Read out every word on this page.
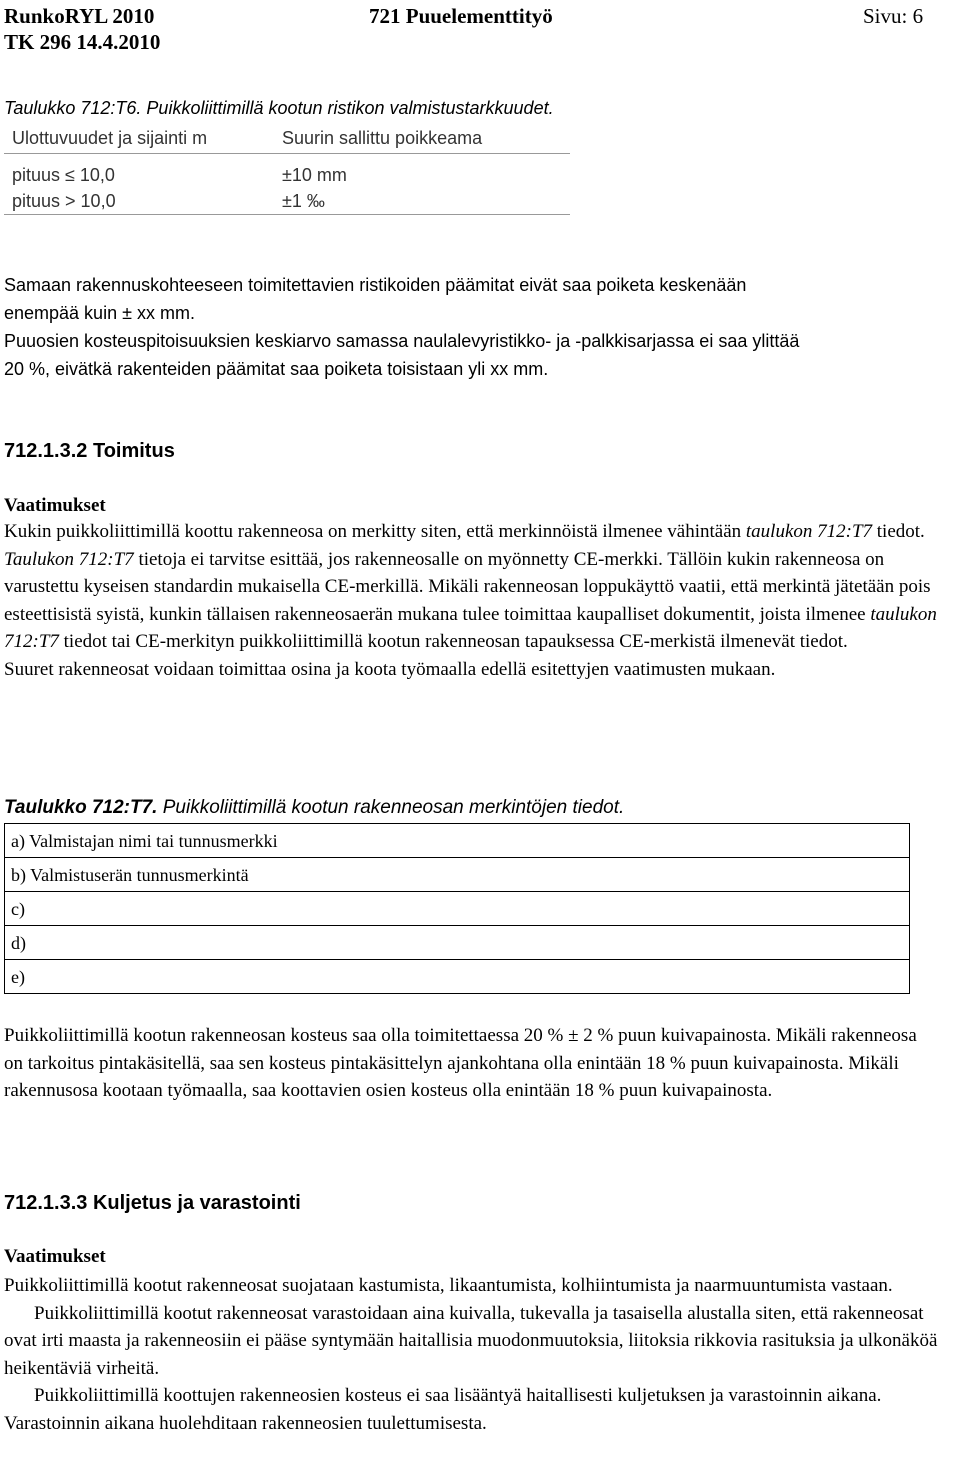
RunkoRYL 2010
TK 296 14.4.2010
721 Puuelementtityö	Sivu: 6
Taulukko 712:T6. Puikkoliittimillä kootun ristikon valmistustarkkuudet.
Ulottuvuudet ja sijainti m	Suurin sallittu poikkeama
pituus ≤ 10,0	±10 mm
pituus > 10,0	±1 ‰
Samaan rakennuskohteeseen toimitettavien ristikoiden päämitat eivät saa poiketa keskenään
enempää kuin ± xx mm.
Puuosien kosteuspitoisuuksien keskiarvo samassa naulalevyristikko- ja -palkkisarjassa ei saa ylittää
20 %, eivätkä rakenteiden päämitat saa poiketa toisistaan yli xx mm.
712.1.3.2 Toimitus
Vaatimukset

Kukin puikkoliittimillä koottu rakenneosa on merkitty siten, että merkinnöistä ilmenee vähintään taulukon 712:T7 tiedot. Taulukon 712:T7 tietoja ei tarvitse esittää, jos rakenneosalle on myönnetty CE-merkki. Tällöin kukin rakenneosa on varustettu kyseisen standardin mukaisella CE-merkillä. Mikäli rakenneosan loppukäyttö vaatii, että merkintä jätetään pois esteettisistä syistä, kunkin tällaisen rakenneosaerän mukana tulee toimittaa kaupalliset dokumentit, joista ilmenee taulukon 712:T7 tiedot tai CE-merkityn puikkoliittimillä kootun rakenneosan tapauksessa CE-merkistä ilmenevät tiedot.

Suuret rakenneosat voidaan toimittaa osina ja koota työmaalla edellä esitettyjen vaatimusten mukaan.

Taulukko 712:T7. Puikkoliittimillä kootun rakenneosan merkintöjen tiedot.
a) Valmistajan nimi tai tunnusmerkki
b) Valmistuserän tunnusmerkintä
c)
d)
e)

Puikkoliittimillä kootun rakenneosan kosteus saa olla toimitettaessa 20 % ± 2 % puun kuivapainosta. Mikäli rakenneosa on tarkoitus pintakäsitellä, saa sen kosteus pintakäsittelyn ajankohtana olla enintään 18 % puun kuivapainosta. Mikäli rakennusosa kootaan työmaalla, saa koottavien osien kosteus olla enintään 18 % puun kuivapainosta.

712.1.3.3 Kuljetus ja varastointi
Vaatimukset

Puikkoliittimillä kootut rakenneosat suojataan kastumista, likaantumista, kolhiintumista ja naarmuuntumista vastaan.

Puikkoliittimillä kootut rakenneosat varastoidaan aina kuivalla, tukevalla ja tasaisella alustalla siten, että rakenneosat ovat irti maasta ja rakenneosiin ei pääse syntymään haitallisia muodonmuutoksia, liitoksia rikkovia rasituksia ja ulkonäköä heikentäviä virheitä.

Puikkoliittimillä koottujen rakenneosien kosteus ei saa lisääntyä haitallisesti kuljetuksen ja varastoinnin aikana. Varastoinnin aikana huolehditaan rakenneosien tuulettumisesta.
